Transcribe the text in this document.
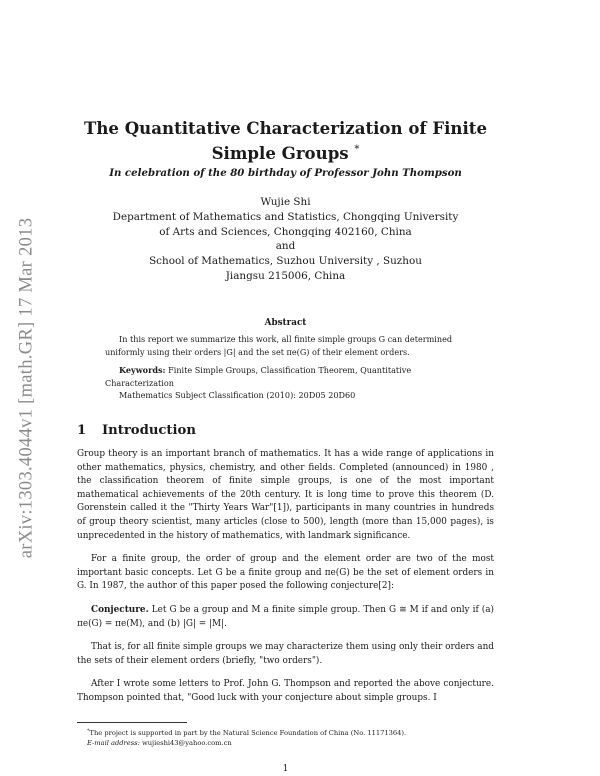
arXiv:1303.4044v1 [math.GR] 17 Mar 2013
The Quantitative Characterization of Finite
Simple Groups *
In celebration of the 80 birthday of Professor John Thompson
Wujie Shi
Department of Mathematics and Statistics, Chongqing University
of Arts and Sciences, Chongqing 402160, China
and
School of Mathematics, Suzhou University , Suzhou
Jiangsu 215006, China
Abstract
In this report we summarize this work, all finite simple groups G can determined uniformly using their orders |G| and the set πe(G) of their element orders.
Keywords: Finite Simple Groups, Classification Theorem, Quantitative Characterization
Mathematics Subject Classification (2010): 20D05 20D60
1 Introduction

Group theory is an important branch of mathematics. It has a wide range of applications in other mathematics, physics, chemistry, and other fields. Completed (announced) in 1980 , the classification theorem of finite simple groups, is one of the most important mathematical achievements of the 20th century. It is long time to prove this theorem (D. Gorenstein called it the "Thirty Years War"[1]), participants in many countries in hundreds of group theory scientist, many articles (close to 500), length (more than 15,000 pages), is unprecedented in the history of mathematics, with landmark significance.

For a finite group, the order of group and the element order are two of the most important basic concepts. Let G be a finite group and πe(G) be the set of element orders in G. In 1987, the author of this paper posed the following conjecture[2]:

Conjecture. Let G be a group and M a finite simple group. Then G ≅ M if and only if (a) πe(G) = πe(M), and (b) |G| = |M|.

That is, for all finite simple groups we may characterize them using only their orders and the sets of their element orders (briefly, "two orders").

After I wrote some letters to Prof. John G. Thompson and reported the above conjecture. Thompson pointed that, "Good luck with your conjecture about simple groups. I

*The project is supported in part by the Natural Science Foundation of China (No. 11171364).
E-mail address: wujieshi43@yahoo.com.cn
1
